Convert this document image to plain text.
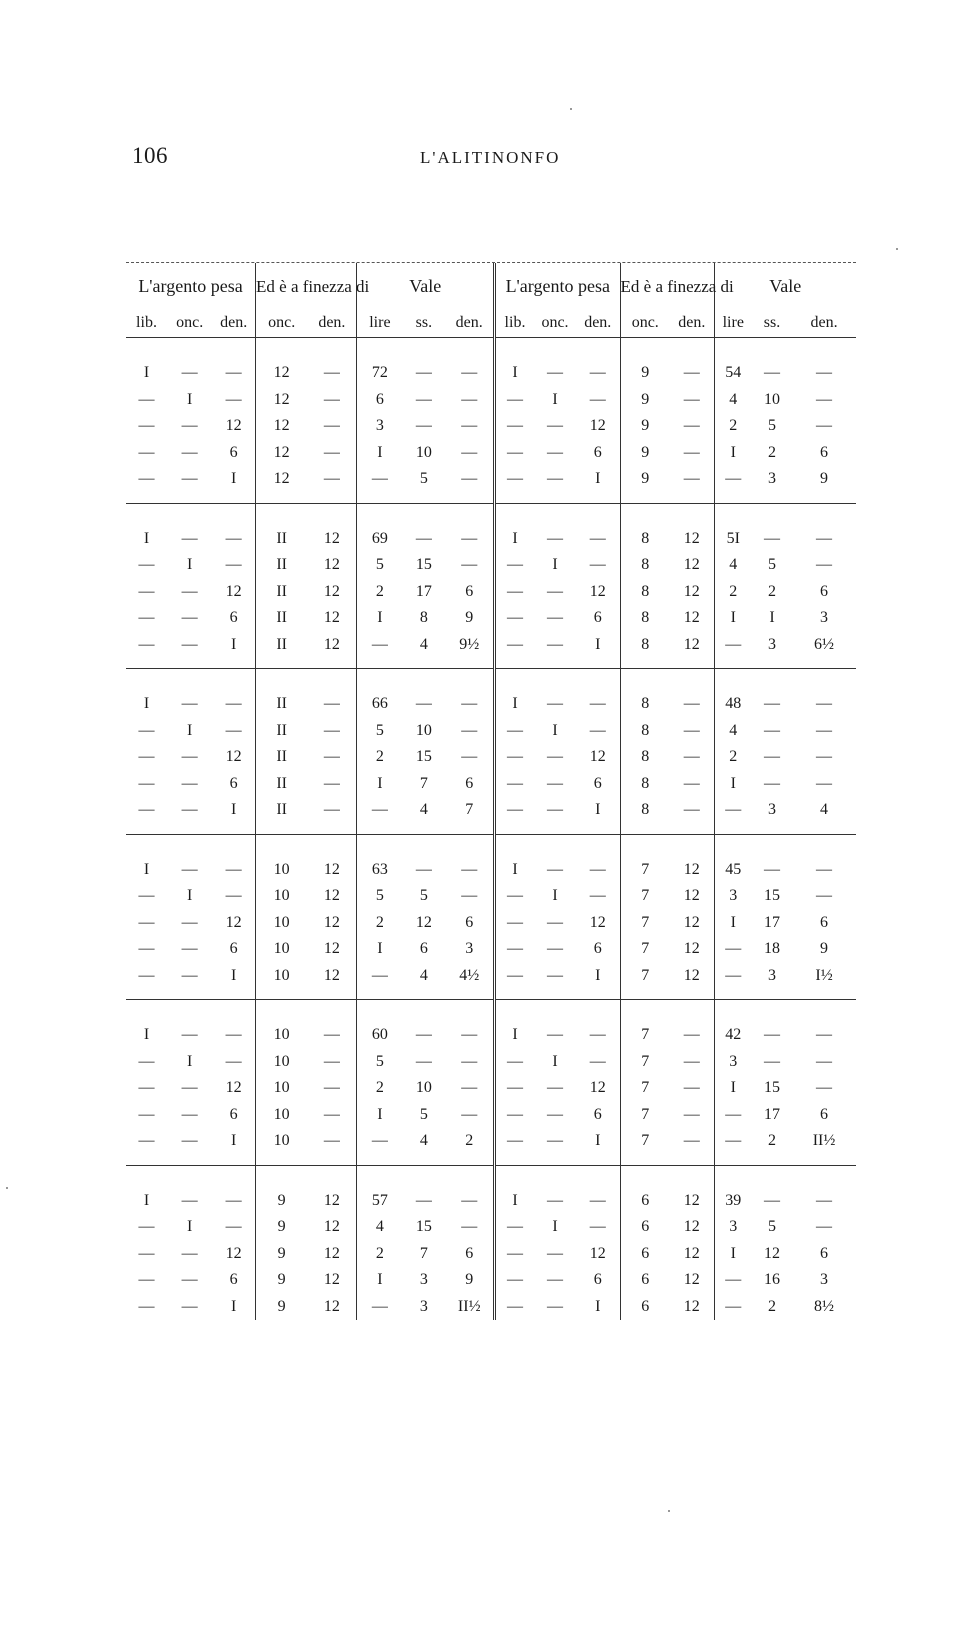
106	L'ALITINONFO
L'argento pesa			Ed è a finezza di		Vale		
lib.	onc.	den.	onc.	den.	lire	ss.	den.
I	—	—	12	—	72	—	—
—	I	—	12	—	6	—	—
—	—	12	12	—	3	—	—
—	—	6	12	—	I	10	—
—	—	I	12	—	—	5	—
I	—	—	II	12	69	—	—
—	I	—	II	12	5	15	—
—	—	12	II	12	2	17	6
—	—	6	II	12	I	8	9
—	—	I	II	12	—	4	9½
I	—	—	II	—	66	—	—
—	I	—	II	—	5	10	—
—	—	12	II	—	2	15	—
—	—	6	II	—	I	7	6
—	—	I	II	—	—	4	7
I	—	—	10	12	63	—	—
—	I	—	10	12	5	5	—
—	—	12	10	12	2	12	6
—	—	6	10	12	I	6	3
—	—	I	10	12	—	4	4½
I	—	—	10	—	60	—	—
—	I	—	10	—	5	—	—
—	—	12	10	—	2	10	—
—	—	6	10	—	I	5	—
—	—	I	10	—	—	4	2
I	—	—	9	12	57	—	—
—	I	—	9	12	4	15	—
—	—	12	9	12	2	7	6
—	—	6	9	12	I	3	9
—	—	I	9	12	—	3	II½
L'argento pesa			Ed è a finezza di		Vale		
lib.	onc.	den.	onc.	den.	lire	ss.	den.
I	—	—	9	—	54	—	—
—	I	—	9	—	4	10	—
—	—	12	9	—	2	5	—
—	—	6	9	—	I	2	6
—	—	I	9	—	—	3	9
I	—	—	8	12	5I	—	—
—	I	—	8	12	4	5	—
—	—	12	8	12	2	2	6
—	—	6	8	12	I	I	3
—	—	I	8	12	—	3	6½
I	—	—	8	—	48	—	—
—	I	—	8	—	4	—	—
—	—	12	8	—	2	—	—
—	—	6	8	—	I	—	—
—	—	I	8	—	—	3	4
I	—	—	7	12	45	—	—
—	I	—	7	12	3	15	—
—	—	12	7	12	I	17	6
—	—	6	7	12	—	18	9
—	—	I	7	12	—	3	I½
I	—	—	7	—	42	—	—
—	I	—	7	—	3	—	—
—	—	12	7	—	I	15	—
—	—	6	7	—	—	17	6
—	—	I	7	—	—	2	II½
I	—	—	6	12	39	—	—
—	I	—	6	12	3	5	—
—	—	12	6	12	I	12	6
—	—	6	6	12	—	16	3
—	—	I	6	12	—	2	8½
